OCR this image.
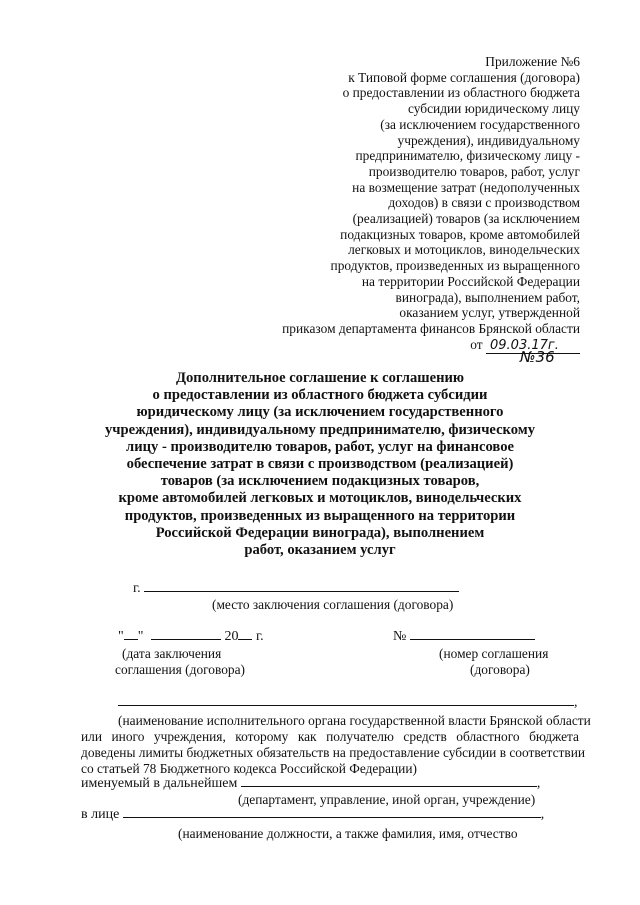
Приложение №6
к Типовой форме соглашения (договора)
о предоставлении из областного бюджета
субсидии юридическому лицу
(за исключением государственного
учреждения), индивидуальному
предпринимателю, физическому лицу -
производителю товаров, работ, услуг
на возмещение затрат (недополученных
доходов) в связи с производством
(реализацией) товаров (за исключением
подакцизных товаров, кроме автомобилей
легковых и мотоциклов, винодельческих
продуктов, произведенных из выращенного
на территории Российской Федерации
винограда), выполнением работ,
оказанием услуг, утвержденной
приказом департамента финансов Брянской области
от 09.03.17г.
№36
Дополнительное соглашение к соглашению
о предоставлении из областного бюджета субсидии
юридическому лицу (за исключением государственного
учреждения), индивидуальному предпринимателю, физическому
лицу - производителю товаров, работ, услуг на финансовое
обеспечение затрат в связи с производством (реализацией)
товаров (за исключением подакцизных товаров,
кроме автомобилей легковых и мотоциклов, винодельческих
продуктов, произведенных из выращенного на территории
Российской Федерации винограда), выполнением
работ, оказанием услуг
г.
(место заключения соглашения (договора)
" "	20 г.
(дата заключения
соглашения (договора)
№
(номер соглашения
(договора)
,
(наименование исполнительного органа государственной власти Брянской области
или иного учреждения, которому как получателю средств областного бюджета
доведены лимиты бюджетных обязательств на предоставление субсидии в соответствии
со статьей 78 Бюджетного кодекса Российской Федерации)
именуемый в дальнейшем	,
(департамент, управление, иной орган, учреждение)
в лице	,
(наименование должности, а также фамилия, имя, отчество
